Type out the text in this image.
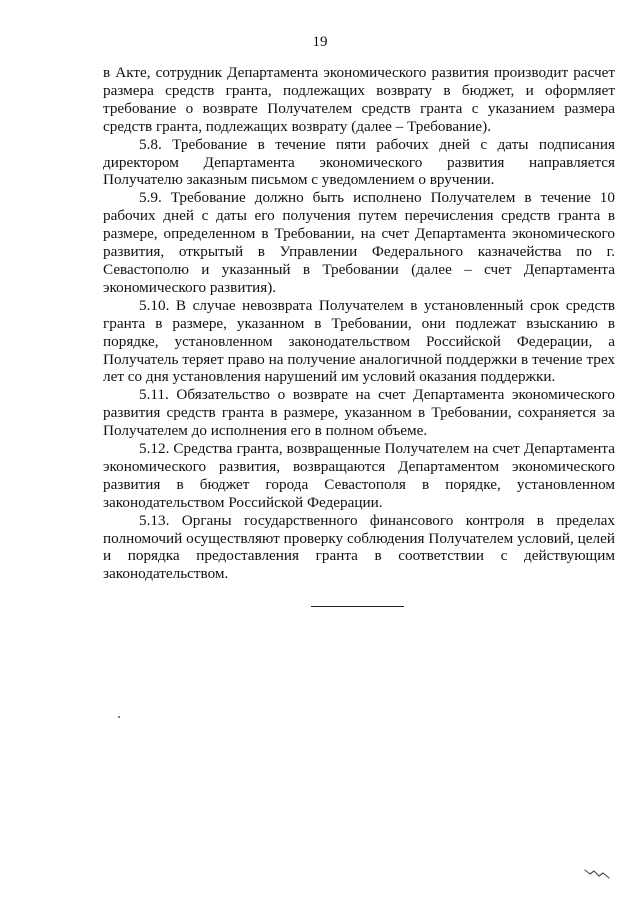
19

в Акте, сотрудник Департамента экономического развития производит расчет размера средств гранта, подлежащих возврату в бюджет, и оформляет требование о возврате Получателем средств гранта с указанием размера средств гранта, подлежащих возврату (далее – Требование).

5.8. Требование в течение пяти рабочих дней с даты подписания директором Департамента экономического развития направляется Получателю заказным письмом с уведомлением о вручении.

5.9. Требование должно быть исполнено Получателем в течение 10 рабочих дней с даты его получения путем перечисления средств гранта в размере, определенном в Требовании, на счет Департамента экономического развития, открытый в Управлении Федерального казначейства по г. Севастополю и указанный в Требовании (далее – счет Департамента экономического развития).

5.10. В случае невозврата Получателем в установленный срок средств гранта в размере, указанном в Требовании, они подлежат взысканию в порядке, установленном законодательством Российской Федерации, а Получатель теряет право на получение аналогичной поддержки в течение трех лет со дня установления нарушений им условий оказания поддержки.

5.11. Обязательство о возврате на счет Департамента экономического развития средств гранта в размере, указанном в Требовании, сохраняется за Получателем до исполнения его в полном объеме.

5.12. Средства гранта, возвращенные Получателем на счет Департамента экономического развития, возвращаются Департаментом экономического развития в бюджет города Севастополя в порядке, установленном законодательством Российской Федерации.

5.13. Органы государственного финансового контроля в пределах полномочий осуществляют проверку соблюдения Получателем условий, целей и порядка предоставления гранта в соответствии с действующим законодательством.
